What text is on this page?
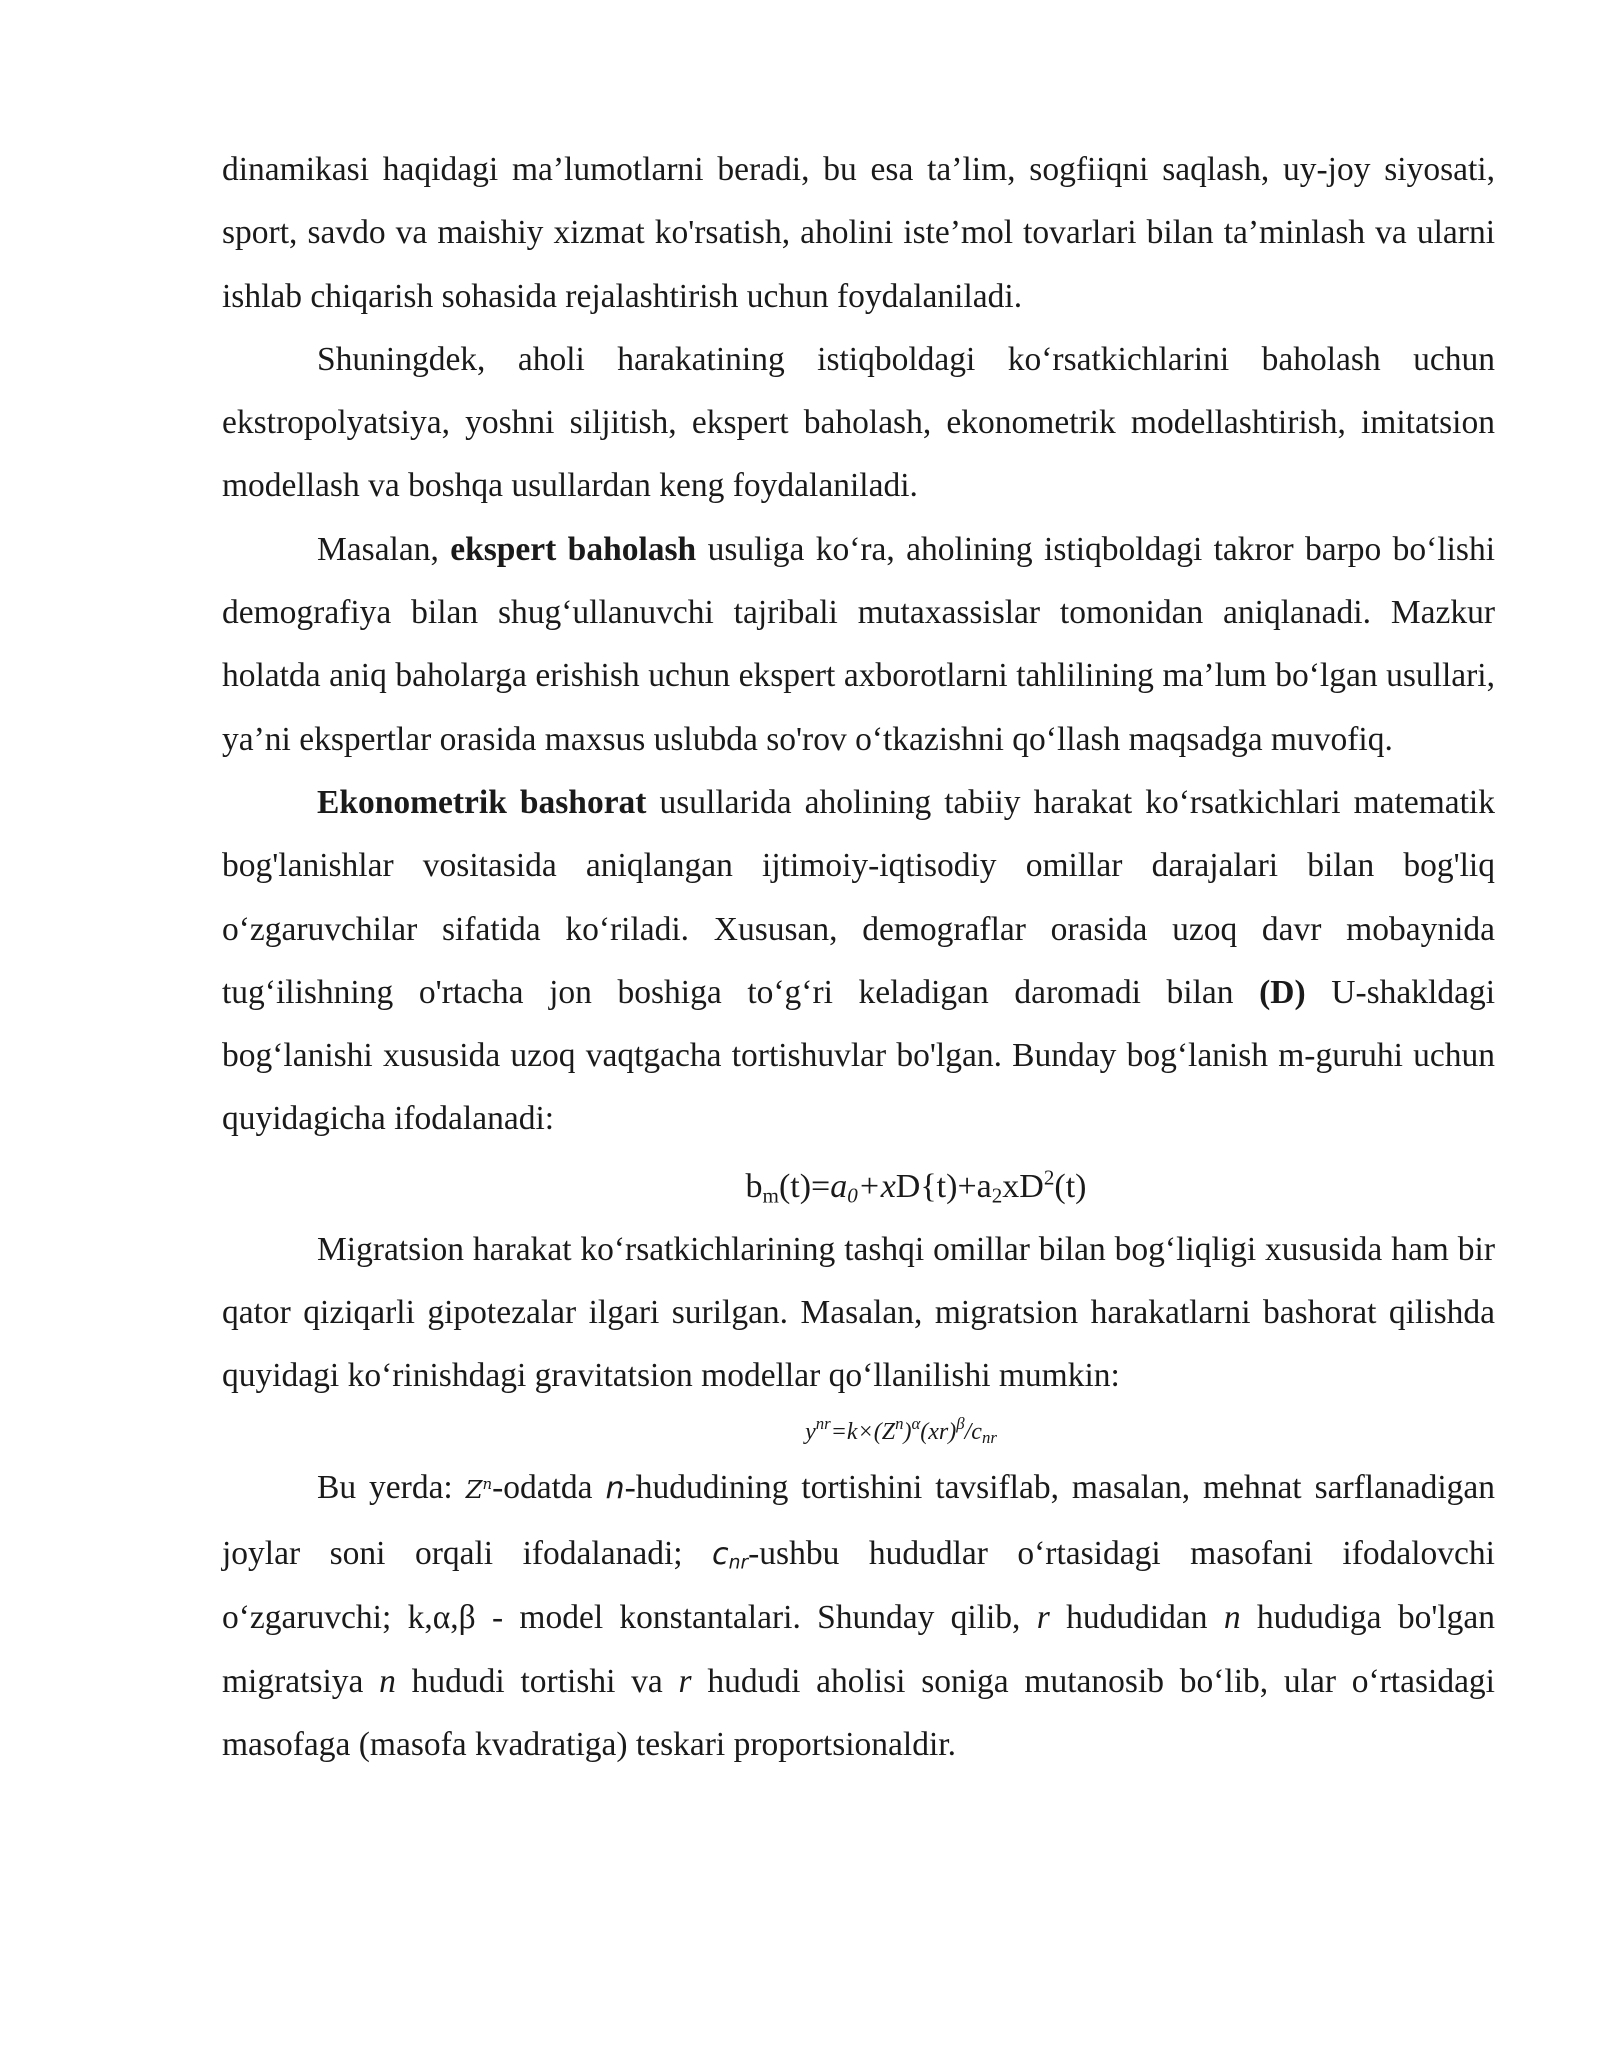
dinamikasi haqidagi ma’lumotlarni beradi, bu esa ta’lim, sogfiiqni saqlash, uy-joy siyosati, sport, savdo va maishiy xizmat ko'rsatish, aholini iste’mol tovarlari bilan ta’minlash va ularni ishlab chiqarish sohasida rejalashtirish uchun foydalaniladi.

Shuningdek, aholi harakatining istiqboldagi ko‘rsatkichlarini baholash uchun ekstropolyatsiya, yoshni siljitish, ekspert baholash, ekonometrik modellashtirish, imitatsion modellash va boshqa usullardan keng foydalaniladi.

Masalan, ekspert baholash usuliga ko‘ra, aholining istiqboldagi takror barpo bo‘lishi demografiya bilan shug‘ullanuvchi tajribali mutaxassislar tomonidan aniqlanadi. Mazkur holatda aniq baholarga erishish uchun ekspert axborotlarni tahlilining ma’lum bo‘lgan usullari, ya’ni ekspertlar orasida maxsus uslubda so'rov o‘tkazishni qo‘llash maqsadga muvofiq.

Ekonometrik bashorat usullarida aholining tabiiy harakat ko‘rsatkichlari matematik bog'lanishlar vositasida aniqlangan ijtimoiy-iqtisodiy omillar darajalari bilan bog'liq o‘zgaruvchilar sifatida ko‘riladi. Xususan, demograflar orasida uzoq davr mobaynida tug‘ilishning o'rtacha jon boshiga to‘g‘ri keladigan daromadi bilan (D) U-shakldagi bog‘lanishi xususida uzoq vaqtgacha tortishuvlar bo'lgan. Bunday bog‘lanish m-guruhi uchun quyidagicha ifodalanadi:

$b_m(t)=a_0+xD\{t)+a_2xD^2(t)$

Migratsion harakat ko‘rsatkichlarining tashqi omillar bilan bog‘liqligi xususida ham bir qator qiziqarli gipotezalar ilgari surilgan. Masalan, migratsion harakatlarni bashorat qilishda quyidagi ko‘rinishdagi gravitatsion modellar qo‘llanilishi mumkin:

$y^{nr}=k\times(Z^n)^\alpha(xr)^\beta/c_{nr}$

Bu yerda: $Z^n$-odatda n-hududining tortishini tavsiflab, masalan, mehnat sarflanadigan joylar soni orqali ifodalanadi; $c_{nr}$-ushbu hududlar o‘rtasidagi masofani ifodalovchi o‘zgaruvchi; k,α,β - model konstantalari. Shunday qilib, r hududidan n hududiga bo'lgan migratsiya n hududi tortishi va r hududi aholisi soniga mutanosib bo‘lib, ular o‘rtasidagi masofaga (masofa kvadratiga) teskari proportsionaldir.
